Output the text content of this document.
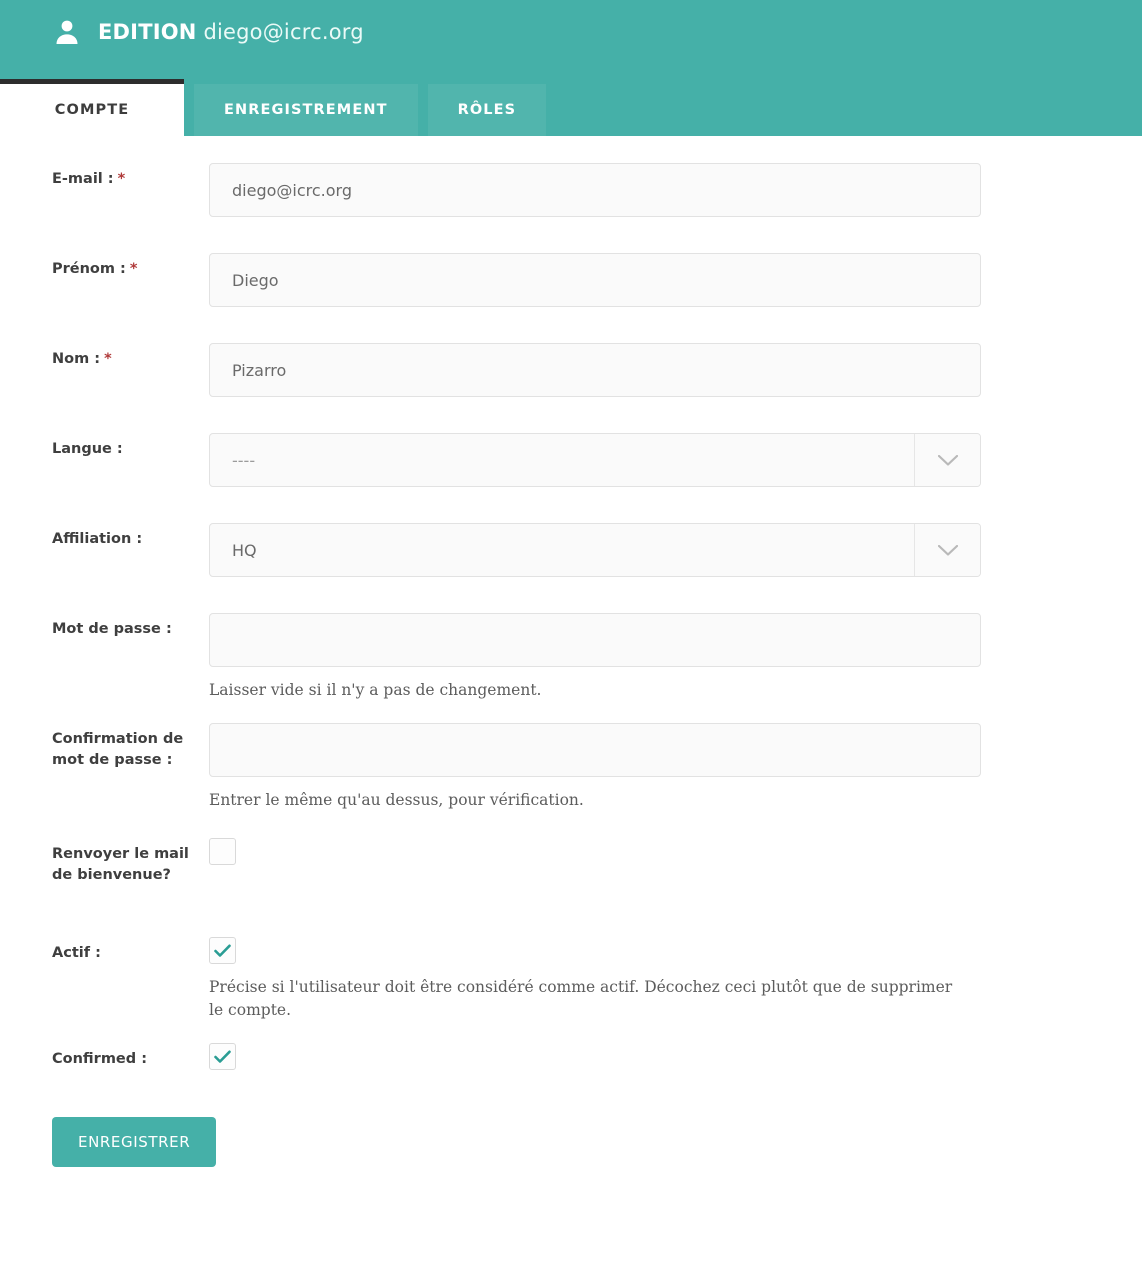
EDITION diego@icrc.org
COMPTE	ENREGISTREMENT	RÔLES
E-mail : *
diego@icrc.org
Prénom : *
Diego
Nom : *
Pizarro
Langue :
----
Affiliation :
HQ
Mot de passe :
Laisser vide si il n'y a pas de changement.
Confirmation de mot de passe :
Entrer le même qu'au dessus, pour vérification.
Renvoyer le mail de bienvenue?
Actif :
Précise si l'utilisateur doit être considéré comme actif. Décochez ceci plutôt que de supprimer le compte.
Confirmed :
ENREGISTRER
